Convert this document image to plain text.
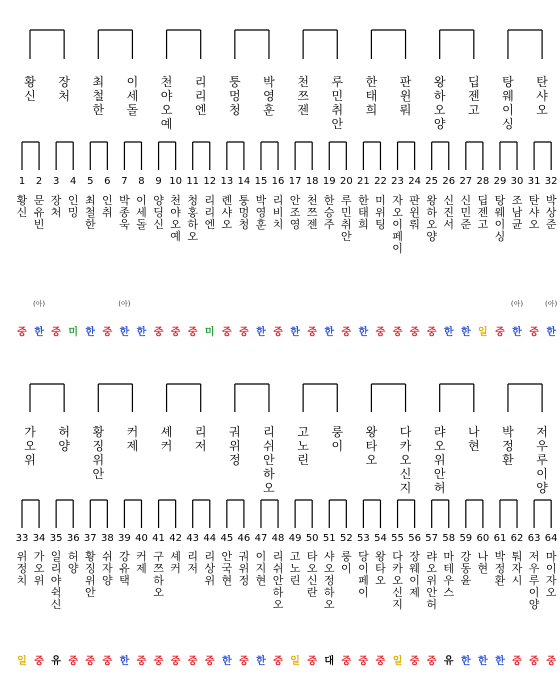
황
신
장
처
최
철
한
이
세
돌
천
야
오
예
리
리
엔
퉁
멍
청
박
영
훈
천
쯔
젠
루
민
취
안
한
태
희
판
윈
뤄
왕
하
오
양
딥
젠
고
탕
웨
이
싱
탄
샤
오
1
황
신
중
2
문
유
빈
(아)
한
3
장
처
중
4
인
밍
미
5
최
철
한
한
6
인
취
중
7
박
종
욱
(아)
한
8
이
세
돌
한
9
양
딩
신
중
10
천
야
오
예
중
11
청
홍
하
오
중
12
리
리
엔
미
13
롄
샤
오
중
14
퉁
멍
청
중
15
박
영
훈
한
16
리
비
치
중
17
안
조
영
한
18
천
쯔
젠
중
19
한
승
주
한
20
루
민
취
안
중
21
한
태
희
한
22
미
위
팅
중
23
자
오
이
페
이
중
24
판
윈
뤄
중
25
왕
하
오
양
중
26
신
진
서
한
27
신
민
준
한
28
딥
젠
고
일
29
탕
웨
이
싱
중
30
조
남
균
(아)
한
31
탄
샤
오
중
32
박
상
준
(아)
한
가
오
위
허
양
황
징
위
안
커
제
셰
커
리
저
궈
위
정
리
쉬
안
하
오
고
노
린
룽
이
왕
타
오
다
카
오
신
지
랴
오
위
안
허
나
현
박
정
환
저
우
루
이
양
33
위
정
치
일
34
가
오
위
중
35
일
리
야
쉭
신
유
36
허
양
중
37
황
징
위
안
중
38
쉬
자
양
중
39
강
유
택
한
40
커
제
중
41
구
쯔
하
오
중
42
셰
커
중
43
리
저
중
44
리
상
위
중
45
안
국
현
한
46
궈
위
정
중
47
이
지
현
한
48
리
쉬
안
하
오
중
49
고
노
린
일
50
타
오
신
란
중
51
샤
오
정
하
오
대
52
룽
이
중
53
당
이
페
이
중
54
왕
타
오
중
55
다
카
오
신
지
일
56
장
웨
이
제
중
57
랴
오
위
안
허
중
58
마
테
우
스
유
59
강
동
윤
한
60
나
현
한
61
박
정
환
한
62
퉈
자
시
중
63
저
우
루
이
양
중
64
마
이
자
오
중
